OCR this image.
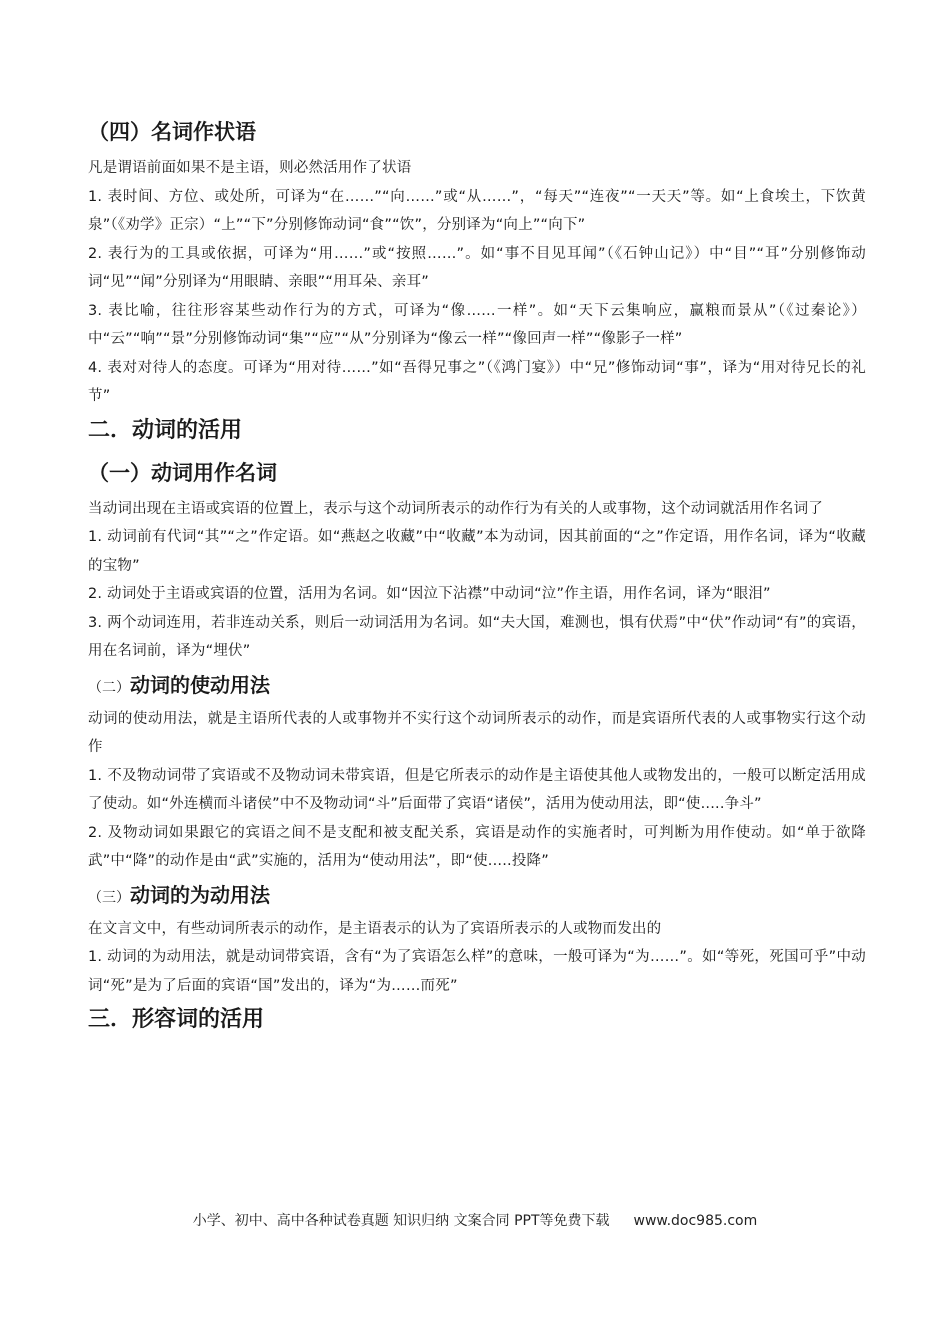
（四）名词作状语

凡是谓语前面如果不是主语，则必然活用作了状语

1. 表时间、方位、或处所，可译为“在……”“向……”或“从……”，“每天”“连夜”“一天天”等。如“上食埃土，下饮黄泉”（《劝学》正宗）“上”“下”分别修饰动词“食”“饮”，分别译为“向上”“向下”

2. 表行为的工具或依据，可译为“用……”或“按照……”。如“事不目见耳闻”（《石钟山记》）中“目”“耳”分别修饰动词“见”“闻”分别译为“用眼睛、亲眼”“用耳朵、亲耳”

3. 表比喻，往往形容某些动作行为的方式，可译为“像……一样”。如“天下云集响应，赢粮而景从”（《过秦论》）中“云”“响”“景”分别修饰动词“集”“应”“从”分别译为“像云一样”“像回声一样”“像影子一样”

4. 表对对待人的态度。可译为“用对待……”如“吾得兄事之”（《鸿门宴》）中“兄”修饰动词“事”，译为“用对待兄长的礼节”

二．动词的活用
（一）动词用作名词

当动词出现在主语或宾语的位置上，表示与这个动词所表示的动作行为有关的人或事物，这个动词就活用作名词了

1. 动词前有代词“其”“之”作定语。如“燕赵之收藏”中“收藏”本为动词，因其前面的“之”作定语，用作名词，译为“收藏的宝物”

2. 动词处于主语或宾语的位置，活用为名词。如“因泣下沾襟”中动词“泣”作主语，用作名词，译为“眼泪”

3. 两个动词连用，若非连动关系，则后一动词活用为名词。如“夫大国，难测也，惧有伏焉”中“伏”作动词“有”的宾语，用在名词前，译为“埋伏”

（二）动词的使动用法

动词的使动用法，就是主语所代表的人或事物并不实行这个动词所表示的动作，而是宾语所代表的人或事物实行这个动作

1. 不及物动词带了宾语或不及物动词未带宾语，但是它所表示的动作是主语使其他人或物发出的，一般可以断定活用成了使动。如“外连横而斗诸侯”中不及物动词“斗”后面带了宾语“诸侯”，活用为使动用法，即“使.....争斗”

2. 及物动词如果跟它的宾语之间不是支配和被支配关系，宾语是动作的实施者时，可判断为用作使动。如“单于欲降武”中“降”的动作是由“武”实施的，活用为“使动用法”，即“使.....投降”

（三）动词的为动用法

在文言文中，有些动词所表示的动作，是主语表示的认为了宾语所表示的人或物而发出的

1. 动词的为动用法，就是动词带宾语，含有“为了宾语怎么样”的意味，一般可译为“为……”。如“等死，死国可乎”中动词“死”是为了后面的宾语“国”发出的，译为“为……而死”

三．形容词的活用
小学、初中、高中各种试卷真题 知识归纳 文案合同 PPT等免费下载 www.doc985.com
